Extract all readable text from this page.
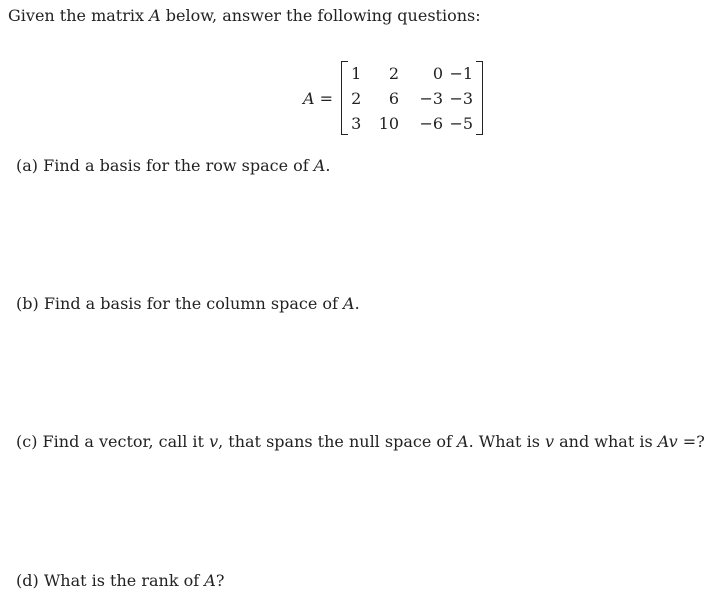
Given the matrix A below, answer the following questions:
A =
1	2	0 −1
2	6	−3 −3
3	10	−6 −5
(a) Find a basis for the row space of A.
(b) Find a basis for the column space of A.
(c) Find a vector, call it v, that spans the null space of A. What is v and what is Av =?
(d) What is the rank of A?
